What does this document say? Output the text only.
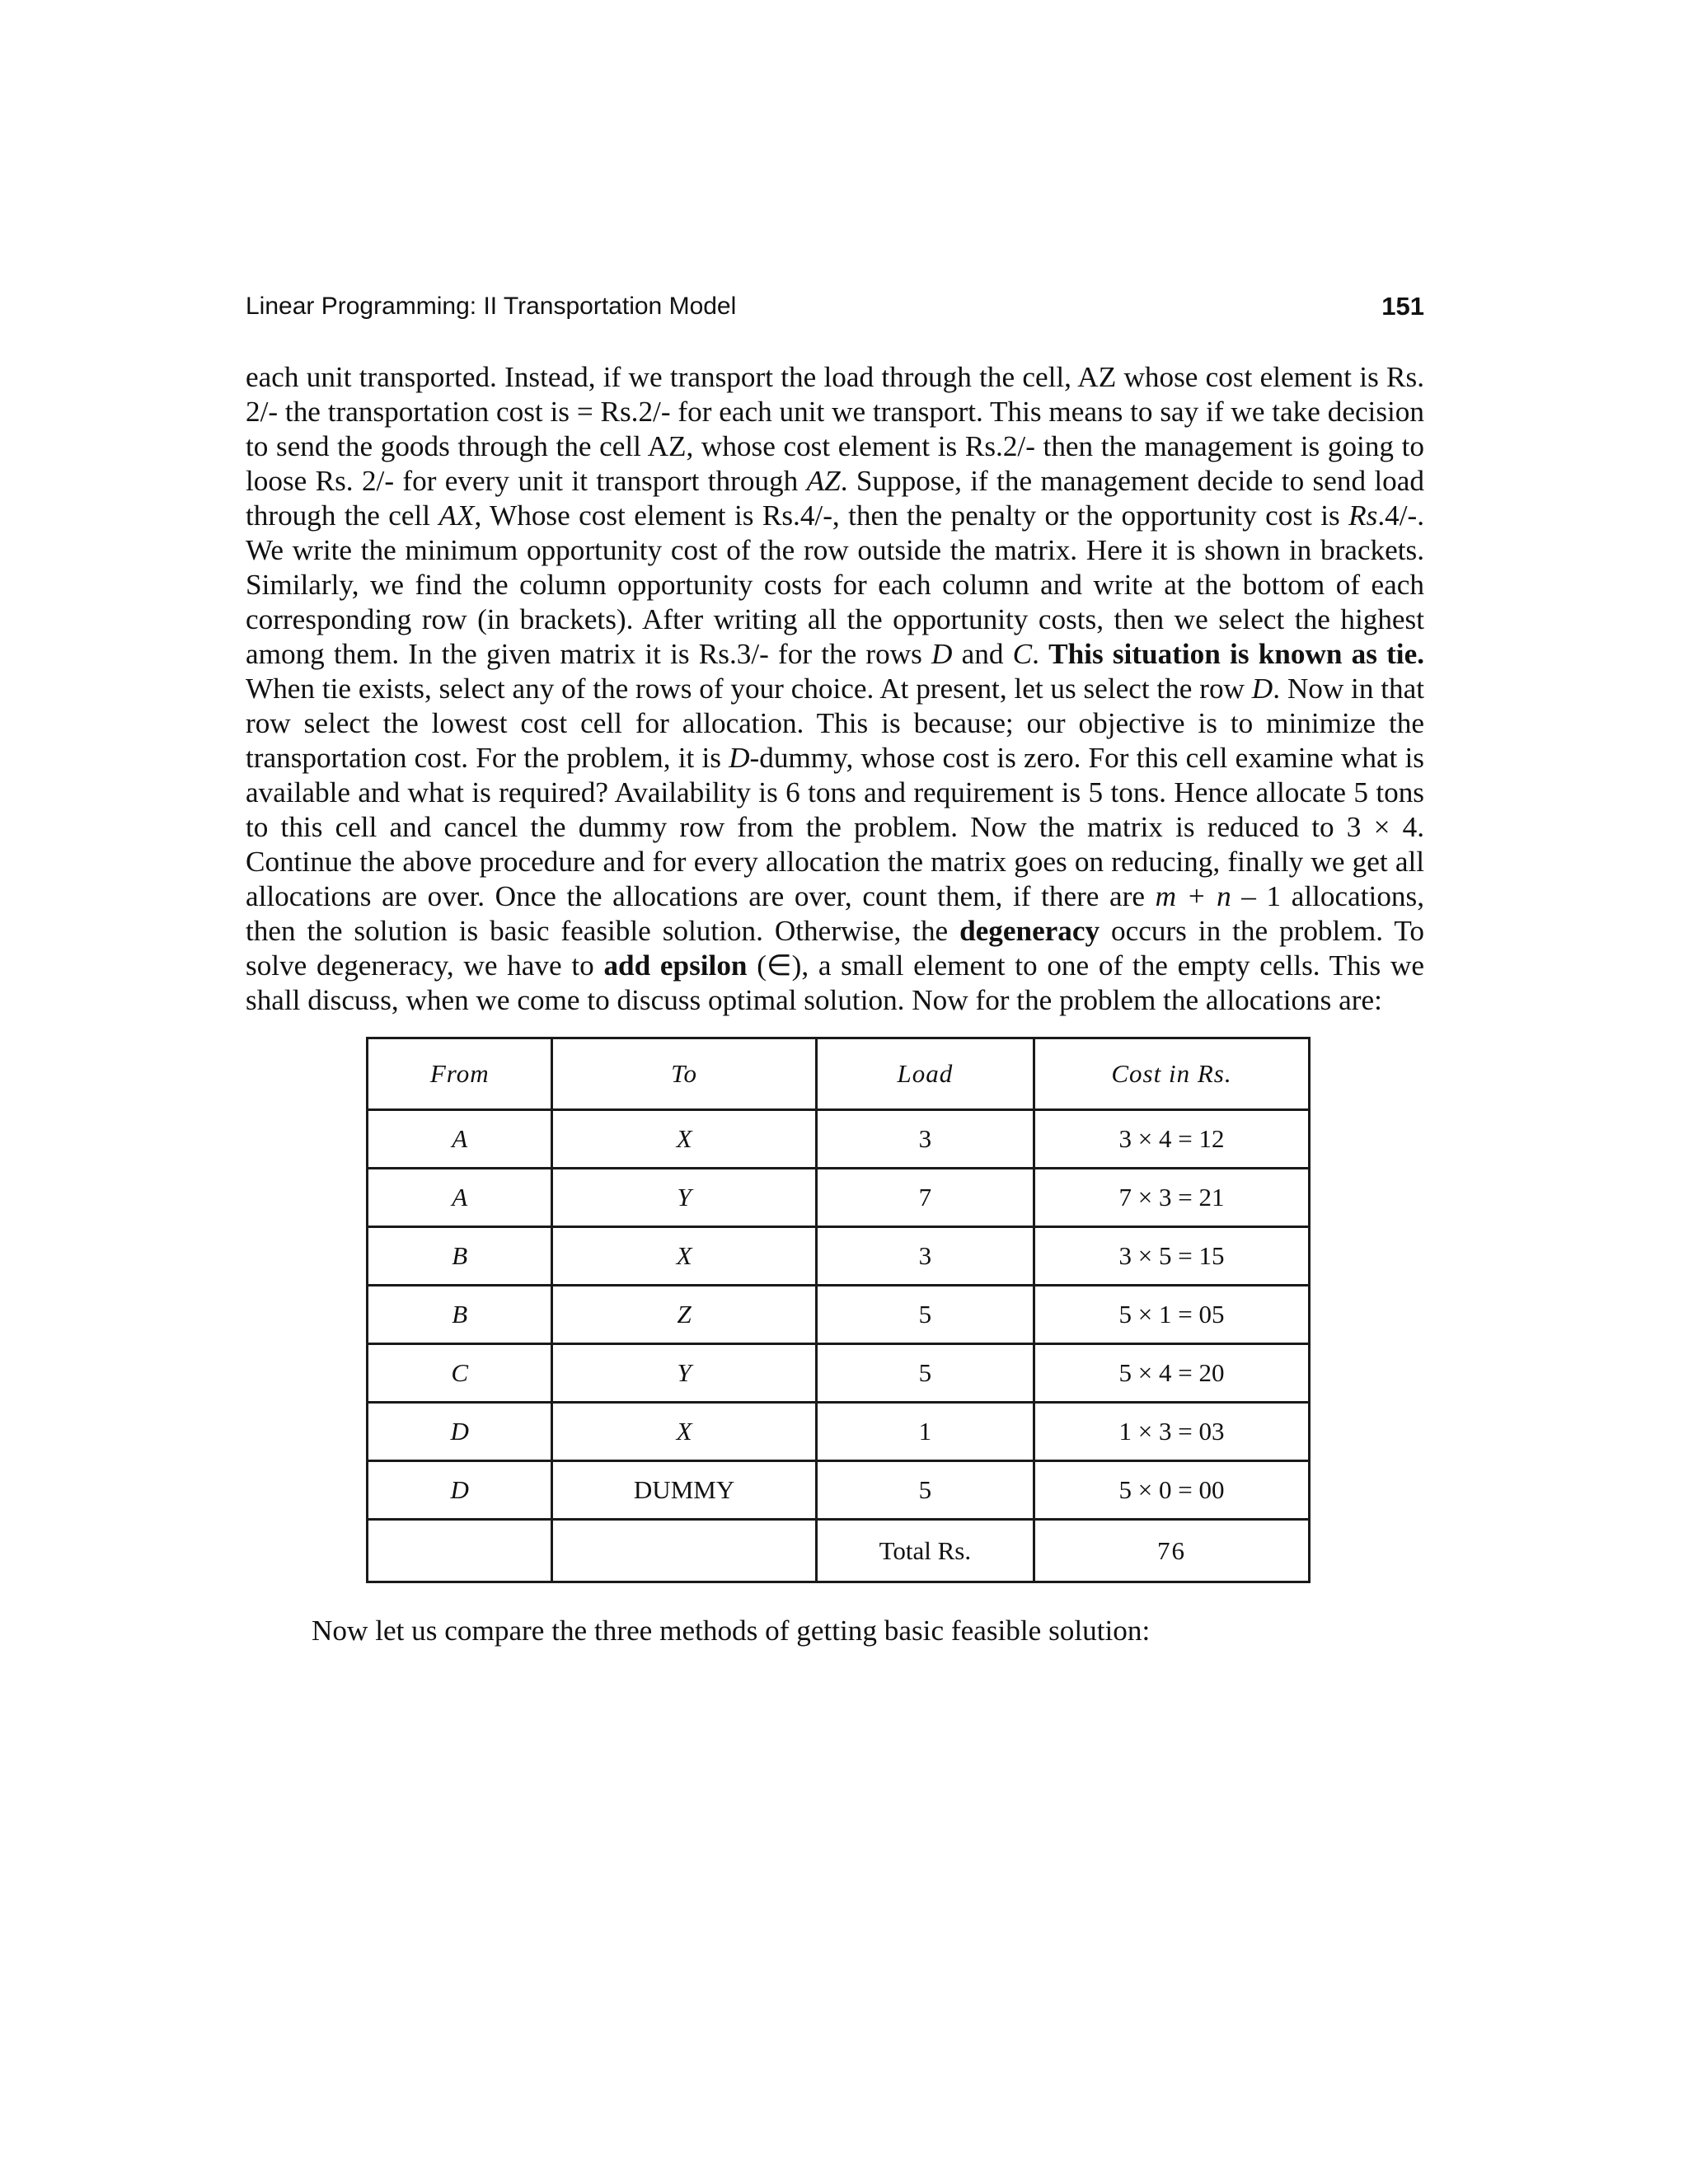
Linear Programming: II Transportation Model	151

each unit transported. Instead, if we transport the load through the cell, AZ whose cost element is Rs. 2/- the transportation cost is = Rs.2/- for each unit we transport. This means to say if we take decision to send the goods through the cell AZ, whose cost element is Rs.2/- then the management is going to loose Rs. 2/- for every unit it transport through AZ. Suppose, if the management decide to send load through the cell AX, Whose cost element is Rs.4/-, then the penalty or the opportunity cost is Rs.4/-. We write the minimum opportunity cost of the row outside the matrix. Here it is shown in brackets. Similarly, we find the column opportunity costs for each column and write at the bottom of each corresponding row (in brackets). After writing all the opportunity costs, then we select the highest among them. In the given matrix it is Rs.3/- for the rows D and C. This situation is known as tie. When tie exists, select any of the rows of your choice. At present, let us select the row D. Now in that row select the lowest cost cell for allocation. This is because; our objective is to minimize the transportation cost. For the problem, it is D-dummy, whose cost is zero. For this cell examine what is available and what is required? Availability is 6 tons and requirement is 5 tons. Hence allocate 5 tons to this cell and cancel the dummy row from the problem. Now the matrix is reduced to 3 × 4. Continue the above procedure and for every allocation the matrix goes on reducing, finally we get all allocations are over. Once the allocations are over, count them, if there are m + n – 1 allocations, then the solution is basic feasible solution. Otherwise, the degeneracy occurs in the problem. To solve degeneracy, we have to add epsilon (∈), a small element to one of the empty cells. This we shall discuss, when we come to discuss optimal solution. Now for the problem the allocations are:

From	To	Load	Cost in Rs.
A	X	3	3 × 4 = 12
A	Y	7	7 × 3 = 21
B	X	3	3 × 5 = 15
B	Z	5	5 × 1 = 05
C	Y	5	5 × 4 = 20
D	X	1	1 × 3 = 03
D	DUMMY	5	5 × 0 = 00
		Total Rs.	76
Now let us compare the three methods of getting basic feasible solution:
